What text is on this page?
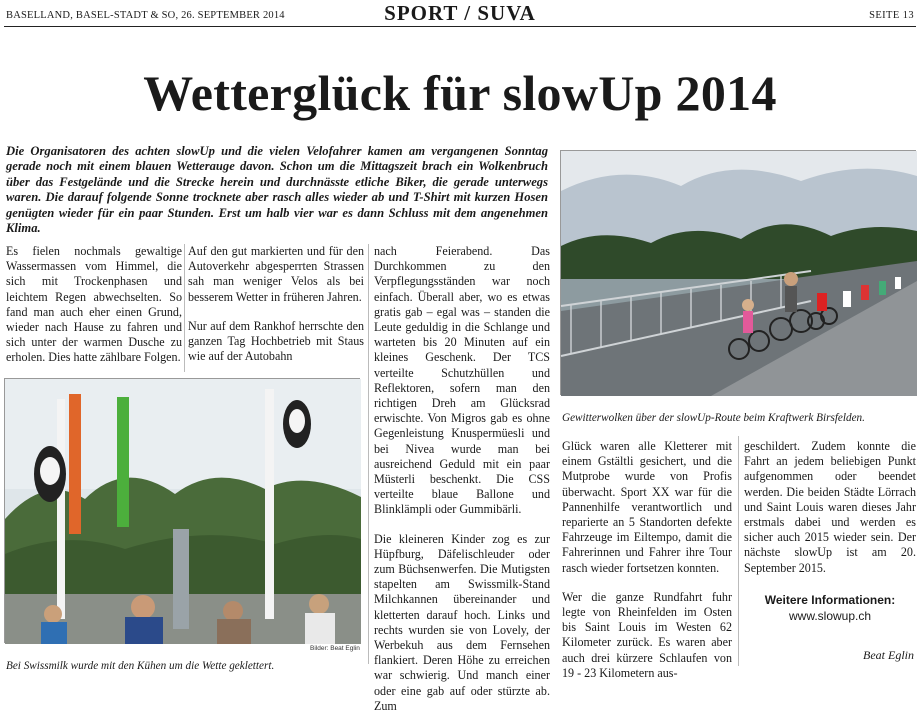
BASELLAND, BASEL-STADT & SO, 26. SEPTEMBER 2014	SPORT / SUVA	SEITE 13
Wetterglück für slowUp 2014
Die Organisatoren des achten slowUp und die vielen Velofahrer kamen am vergangenen Sonntag gerade noch mit einem blauen Wetterauge davon. Schon um die Mittagszeit brach ein Wolkenbruch über das Festgelände und die Strecke herein und durchnässte etliche Biker, die gerade unterwegs waren. Die darauf folgende Sonne trocknete aber rasch alles wieder ab und T-Shirt mit kurzen Hosen genügten wieder für ein paar Stunden. Erst um halb vier war es dann Schluss mit dem angenehmen Klima.

Es fielen nochmals gewaltige Wassermassen vom Himmel, die sich mit Trockenphasen und leichtem Regen abwechselten. So fand man auch eher einen Grund, wieder nach Hause zu fahren und sich unter der warmen Dusche zu erholen. Dies hatte zählbare Folgen.

Auf den gut markierten und für den Autoverkehr abgesperrten Strassen sah man weniger Velos als bei besserem Wetter in früheren Jahren.

Nur auf dem Rankhof herrschte den ganzen Tag Hochbetrieb mit Staus wie auf der Autobahn

nach Feierabend. Das Durchkommen zu den Verpflegungsständen war noch einfach. Überall aber, wo es etwas gratis gab – egal was – standen die Leute geduldig in die Schlange und warteten bis 20 Minuten auf ein kleines Geschenk. Der TCS verteilte Schutzhüllen und Reflektoren, sofern man den richtigen Dreh am Glücksrad erwischte. Von Migros gab es ohne Gegenleistung Knuspermüesli und bei Nivea wurde man bei ausreichend Geduld mit ein paar Müsterli beschenkt. Die CSS verteilte blaue Ballone und Blinklämpli oder Gummibärli.

Die kleineren Kinder zog es zur Hüpfburg, Däfelischleuder oder zum Büchsenwerfen. Die Mutigsten stapelten am Swissmilk-Stand Milchkannen übereinander und kletterten darauf hoch. Links und rechts wurden sie von Lovely, der Werbekuh aus dem Fernsehen flankiert. Deren Höhe zu erreichen war schwierig. Und manch einer oder eine gab auf oder stürzte ab. Zum

Glück waren alle Kletterer mit einem Gstältli gesichert, und die Mutprobe wurde von Profis überwacht. Sport XX war für die Pannenhilfe verantwortlich und reparierte an 5 Standorten defekte Fahrzeuge im Eiltempo, damit die Fahrerinnen und Fahrer ihre Tour rasch wieder fortsetzen konnten.

Wer die ganze Rundfahrt fuhr legte von Rheinfelden im Osten bis Saint Louis im Westen 62 Kilometer zurück. Es waren aber auch drei kürzere Schlaufen von 19 - 23 Kilometern aus-

geschildert. Zudem konnte die Fahrt an jedem beliebigen Punkt aufgenommen oder beendet werden. Die beiden Städte Lörrach und Saint Louis waren dieses Jahr erstmals dabei und werden es sicher auch 2015 wieder sein. Der nächste slowUp ist am 20. September 2015.

Bilder: Beat Eglin
Bei Swissmilk wurde mit den Kühen um die Wette geklettert.
Gewitterwolken über der slowUp-Route beim Kraftwerk Birsfelden.
Weitere Informationen:
www.slowup.ch
Beat Eglin
